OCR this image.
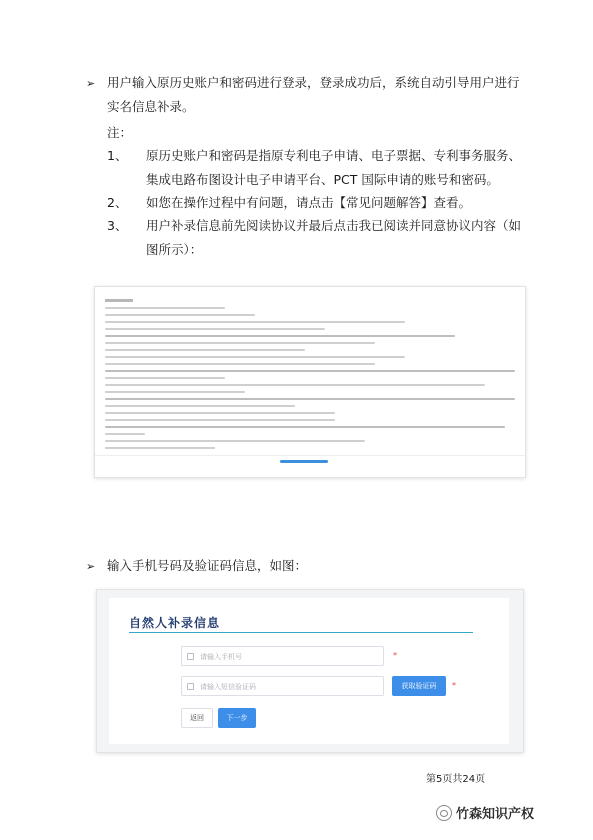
➢ 用户输入原历史账户和密码进行登录，登录成功后，系统自动引导用户进行
实名信息补录。
注：
1、 原历史账户和密码是指原专利电子申请、电子票据、专利事务服务、
集成电路布图设计电子申请平台、PCT 国际申请的账号和密码。
2、 如您在操作过程中有问题，请点击【常见问题解答】查看。
3、 用户补录信息前先阅读协议并最后点击我已阅读并同意协议内容（如
图所示）：
➢ 输入手机号码及验证码信息，如图：
自然人补录信息
请输入手机号	*
请输入短信验证码	获取验证码	*
返回	下一步
第5页共24页
竹森知识产权
